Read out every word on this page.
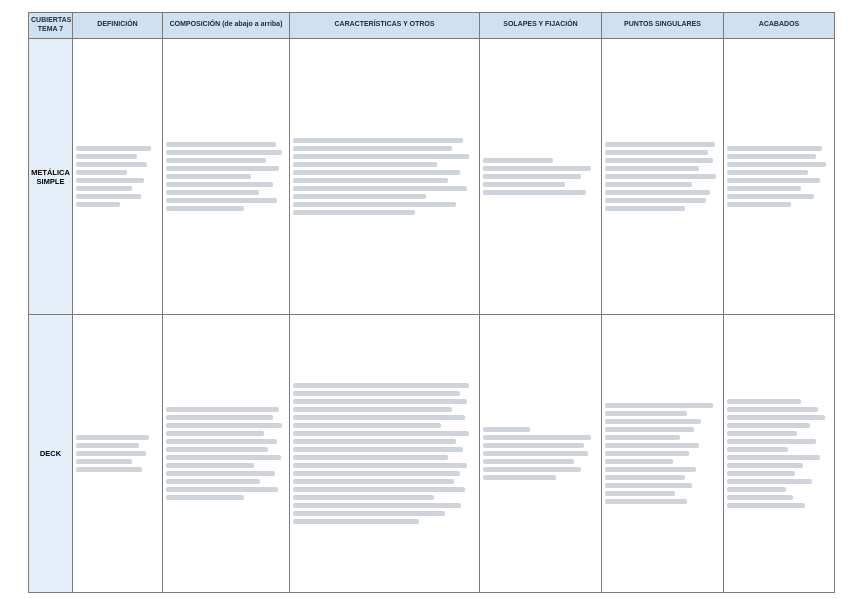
CUBIERTAS TEMA 7	DEFINICIÓN	COMPOSICIÓN (de abajo a arriba)	CARACTERÍSTICAS Y OTROS	SOLAPES Y FIJACIÓN	PUNTOS SINGULARES	ACABADOS
METÁLICA SIMPLE	

DECK	
